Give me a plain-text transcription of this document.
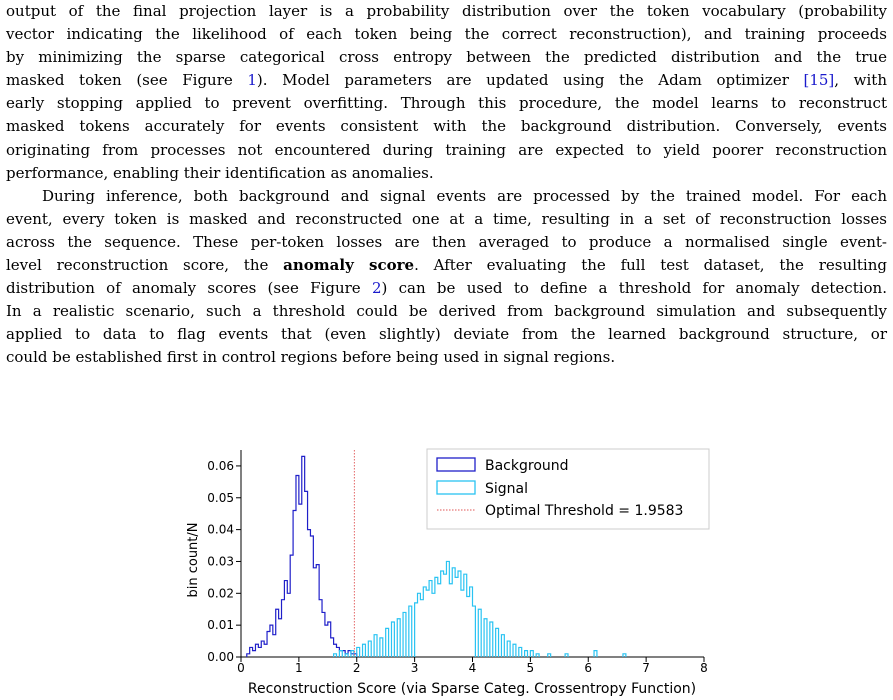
output of the final projection layer is a probability distribution over the token vocabulary (probability
vector indicating the likelihood of each token being the correct reconstruction), and training proceeds
by minimizing the sparse categorical cross entropy between the predicted distribution and the true
masked token (see Figure 1). Model parameters are updated using the Adam optimizer [15], with
early stopping applied to prevent overfitting. Through this procedure, the model learns to reconstruct
masked tokens accurately for events consistent with the background distribution. Conversely, events
originating from processes not encountered during training are expected to yield poorer reconstruction
performance, enabling their identification as anomalies.

During inference, both background and signal events are processed by the trained model. For each
event, every token is masked and reconstructed one at a time, resulting in a set of reconstruction losses
across the sequence. These per-token losses are then averaged to produce a normalised single event-
level reconstruction score, the anomaly score. After evaluating the full test dataset, the resulting
distribution of anomaly scores (see Figure 2) can be used to define a threshold for anomaly detection.
In a realistic scenario, such a threshold could be derived from background simulation and subsequently
applied to data to flag events that (even slightly) deviate from the learned background structure, or
could be established first in control regions before being used in signal regions.

0	1	2	3	4	5	6	7	8
0.00
0.01
0.02
0.03
0.04
0.05
0.06
bin count/N
Reconstruction Score (via Sparse Categ. Crossentropy Function)
Background
Signal
Optimal Threshold = 1.9583
